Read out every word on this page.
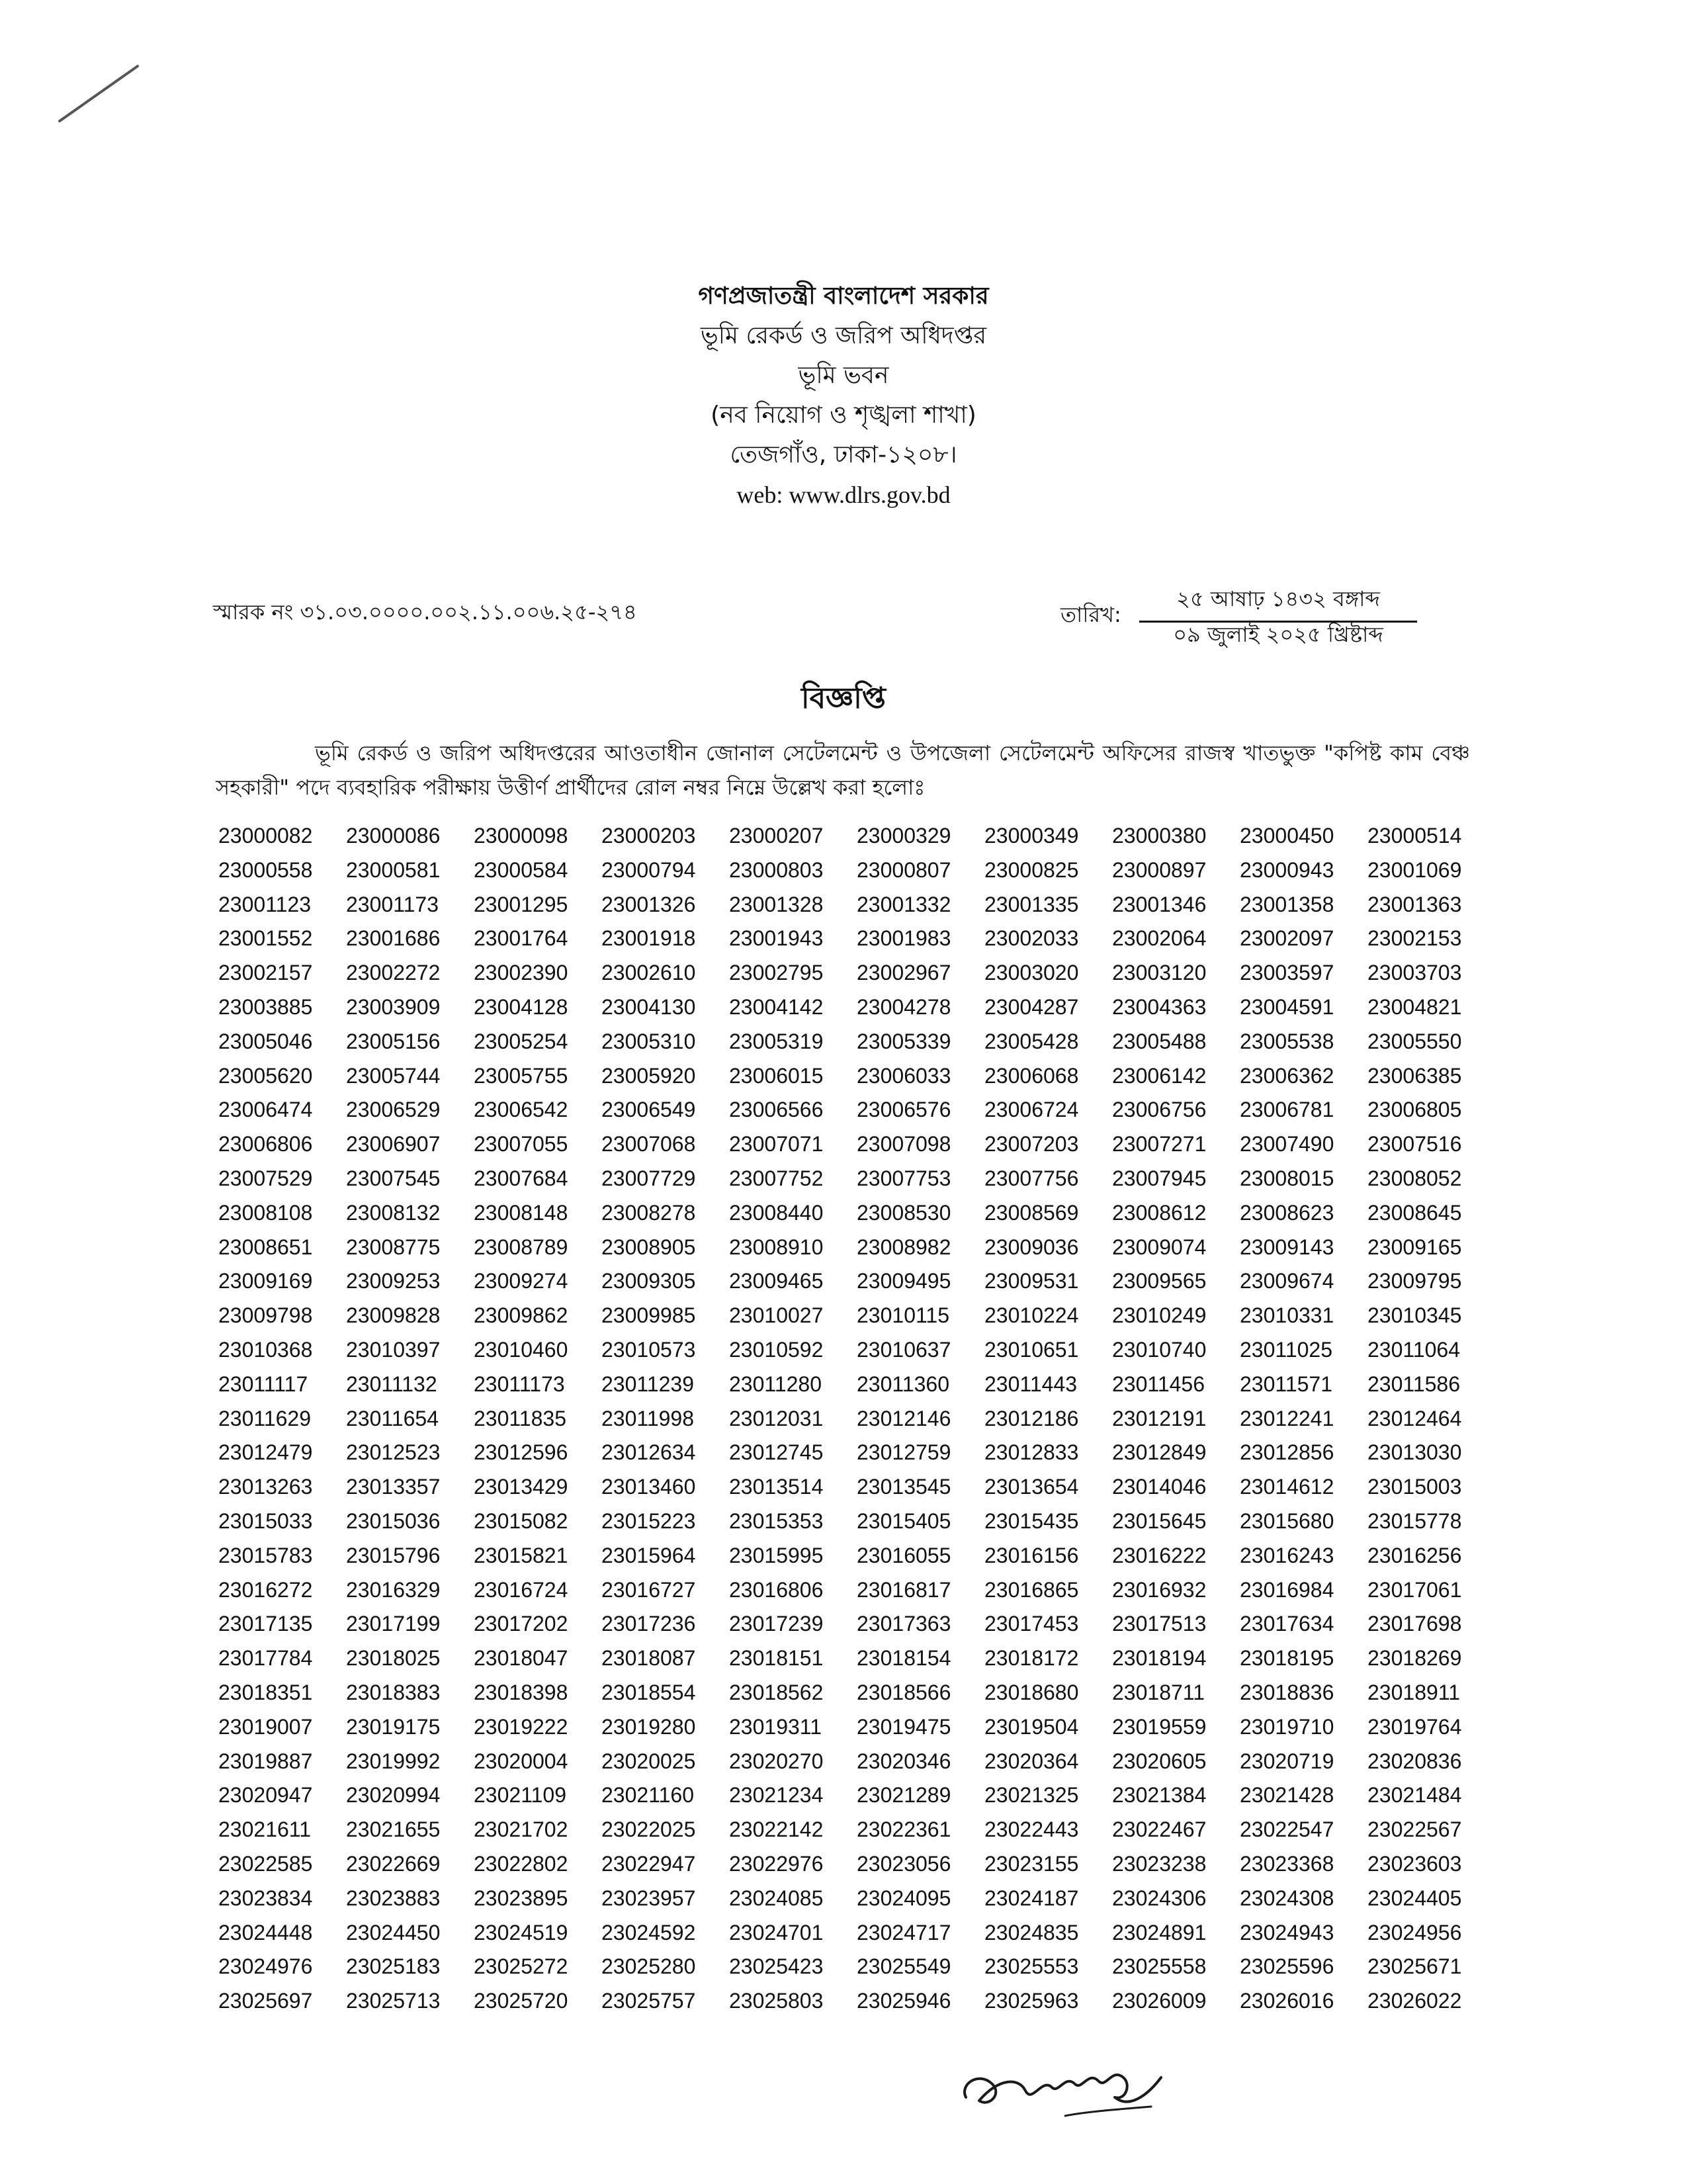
গণপ্রজাতন্ত্রী বাংলাদেশ সরকার
ভূমি রেকর্ড ও জরিপ অধিদপ্তর
ভূমি ভবন
(নব নিয়োগ ও শৃঙ্খলা শাখা)
তেজগাঁও, ঢাকা-১২০৮।
web: www.dlrs.gov.bd
স্মারক নং ৩১.০৩.০০০০.০০২.১১.০০৬.২৫-২৭৪	তারিখ:
২৫ আষাঢ় ১৪৩২ বঙ্গাব্দ
০৯ জুলাই ২০২৫ খ্রিষ্টাব্দ
বিজ্ঞপ্তি
ভূমি রেকর্ড ও জরিপ অধিদপ্তরের আওতাধীন জোনাল সেটেলমেন্ট ও উপজেলা সেটেলমেন্ট অফিসের রাজস্ব খাতভুক্ত "কপিষ্ট কাম বেঞ্চ সহকারী" পদে ব্যবহারিক পরীক্ষায় উত্তীর্ণ প্রার্থীদের রোল নম্বর নিম্নে উল্লেখ করা হলোঃ
23000082	23000086	23000098	23000203	23000207	23000329	23000349	23000380	23000450	23000514
23000558	23000581	23000584	23000794	23000803	23000807	23000825	23000897	23000943	23001069
23001123	23001173	23001295	23001326	23001328	23001332	23001335	23001346	23001358	23001363
23001552	23001686	23001764	23001918	23001943	23001983	23002033	23002064	23002097	23002153
23002157	23002272	23002390	23002610	23002795	23002967	23003020	23003120	23003597	23003703
23003885	23003909	23004128	23004130	23004142	23004278	23004287	23004363	23004591	23004821
23005046	23005156	23005254	23005310	23005319	23005339	23005428	23005488	23005538	23005550
23005620	23005744	23005755	23005920	23006015	23006033	23006068	23006142	23006362	23006385
23006474	23006529	23006542	23006549	23006566	23006576	23006724	23006756	23006781	23006805
23006806	23006907	23007055	23007068	23007071	23007098	23007203	23007271	23007490	23007516
23007529	23007545	23007684	23007729	23007752	23007753	23007756	23007945	23008015	23008052
23008108	23008132	23008148	23008278	23008440	23008530	23008569	23008612	23008623	23008645
23008651	23008775	23008789	23008905	23008910	23008982	23009036	23009074	23009143	23009165
23009169	23009253	23009274	23009305	23009465	23009495	23009531	23009565	23009674	23009795
23009798	23009828	23009862	23009985	23010027	23010115	23010224	23010249	23010331	23010345
23010368	23010397	23010460	23010573	23010592	23010637	23010651	23010740	23011025	23011064
23011117	23011132	23011173	23011239	23011280	23011360	23011443	23011456	23011571	23011586
23011629	23011654	23011835	23011998	23012031	23012146	23012186	23012191	23012241	23012464
23012479	23012523	23012596	23012634	23012745	23012759	23012833	23012849	23012856	23013030
23013263	23013357	23013429	23013460	23013514	23013545	23013654	23014046	23014612	23015003
23015033	23015036	23015082	23015223	23015353	23015405	23015435	23015645	23015680	23015778
23015783	23015796	23015821	23015964	23015995	23016055	23016156	23016222	23016243	23016256
23016272	23016329	23016724	23016727	23016806	23016817	23016865	23016932	23016984	23017061
23017135	23017199	23017202	23017236	23017239	23017363	23017453	23017513	23017634	23017698
23017784	23018025	23018047	23018087	23018151	23018154	23018172	23018194	23018195	23018269
23018351	23018383	23018398	23018554	23018562	23018566	23018680	23018711	23018836	23018911
23019007	23019175	23019222	23019280	23019311	23019475	23019504	23019559	23019710	23019764
23019887	23019992	23020004	23020025	23020270	23020346	23020364	23020605	23020719	23020836
23020947	23020994	23021109	23021160	23021234	23021289	23021325	23021384	23021428	23021484
23021611	23021655	23021702	23022025	23022142	23022361	23022443	23022467	23022547	23022567
23022585	23022669	23022802	23022947	23022976	23023056	23023155	23023238	23023368	23023603
23023834	23023883	23023895	23023957	23024085	23024095	23024187	23024306	23024308	23024405
23024448	23024450	23024519	23024592	23024701	23024717	23024835	23024891	23024943	23024956
23024976	23025183	23025272	23025280	23025423	23025549	23025553	23025558	23025596	23025671
23025697	23025713	23025720	23025757	23025803	23025946	23025963	23026009	23026016	23026022
